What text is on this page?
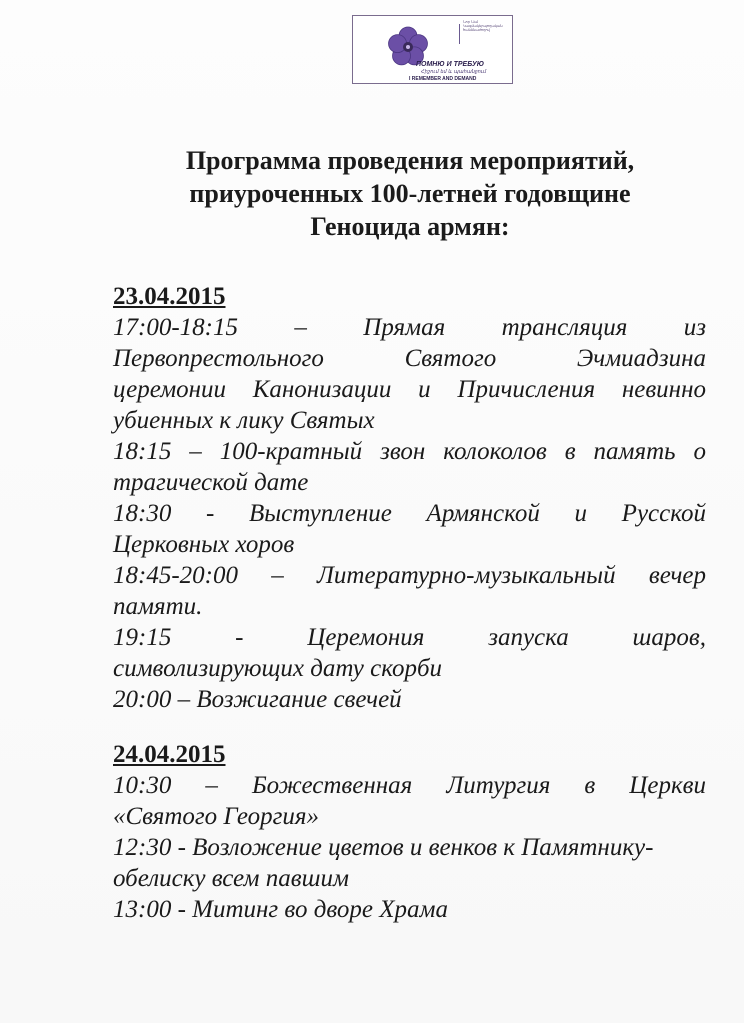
Նոր Նեմ
Կազմակերպողական
հանձնաժողով
ПОМНЮ И ТРЕБУЮ
Հիշում եմ և պահանջում
I REMEMBER AND DEMAND
Программа проведения мероприятий,
приуроченных 100-летней годовщине
Геноцида армян:
23.04.2015
17:00-18:15 – Прямая трансляция из
Первопрестольного Святого Эчмиадзина
церемонии Канонизации и Причисления невинно
убиенных к лику Святых
18:15 – 100-кратный звон колоколов в память о
трагической дате
18:30 - Выступление Армянской и Русской
Церковных хоров
18:45-20:00 – Литературно-музыкальный вечер
памяти.
19:15 - Церемония запуска шаров,
символизирующих дату скорби
20:00 – Возжигание свечей
24.04.2015
10:30 – Божественная Литургия в Церкви
«Святого Георгия»
12:30 - Возложение цветов и венков к Памятнику-
обелиску всем павшим
13:00 - Митинг во дворе Храма
